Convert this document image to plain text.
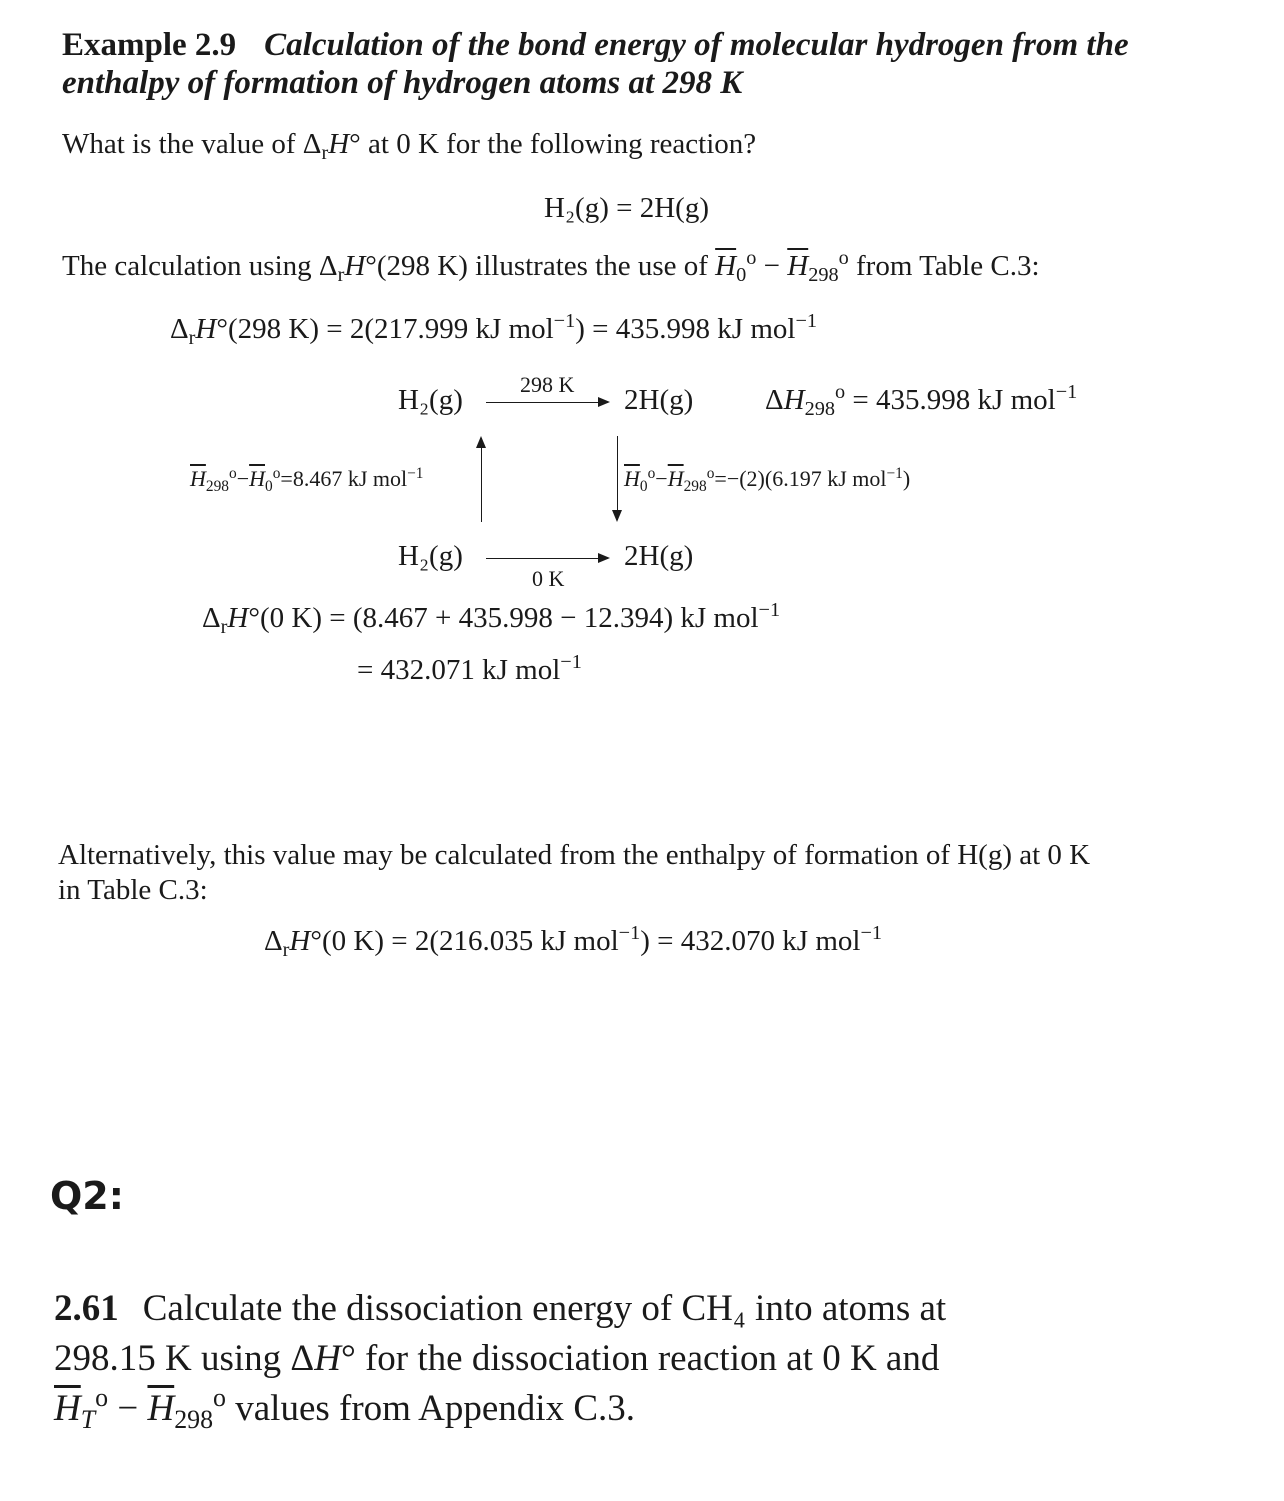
Example 2.9 Calculation of the bond energy of molecular hydrogen from the
enthalpy of formation of hydrogen atoms at 298 K
What is the value of $\Delta_rH^\circ$ at 0 K for the following reaction?
H₂(g) = 2H(g)
The calculation using $\Delta_rH^\circ(298$ K) illustrates the use of $\overline{H}_0^o - \overline{H}_{298}^o$ from Table C.3:
$\Delta_rH^\circ(298$ K) = 2(217.999 kJ mol$^{-1}$) = 435.998 kJ mol$^{-1}$
H₂(g)	298 K 2H(g) $\Delta H_{298}^o = 435.998$ kJ mol$^{-1}$
$\overline{H}_{298}^o-\overline{H}_0^o=8.467$ kJ mol$^{-1}$	$\overline{H}_0^o-\overline{H}_{298}^o=-(2)(6.197$ kJ mol$^{-1}$)
H₂(g)
0 K
2H(g)
$\Delta_rH^\circ(0$ K) = (8.467 + 435.998 − 12.394) kJ mol$^{-1}$
= 432.071 kJ mol$^{-1}$
Alternatively, this value may be calculated from the enthalpy of formation of H(g) at 0 K
in Table C.3:
$\Delta_rH^\circ(0$ K) = 2(216.035 kJ mol$^{-1}$) = 432.070 kJ mol$^{-1}$
Q2:
2.61 Calculate the dissociation energy of CH₄ into atoms at
298.15 K using ΔH° for the dissociation reaction at 0 K and
$\overline{H}_T^o - \overline{H}_{298}^o$ values from Appendix C.3.
